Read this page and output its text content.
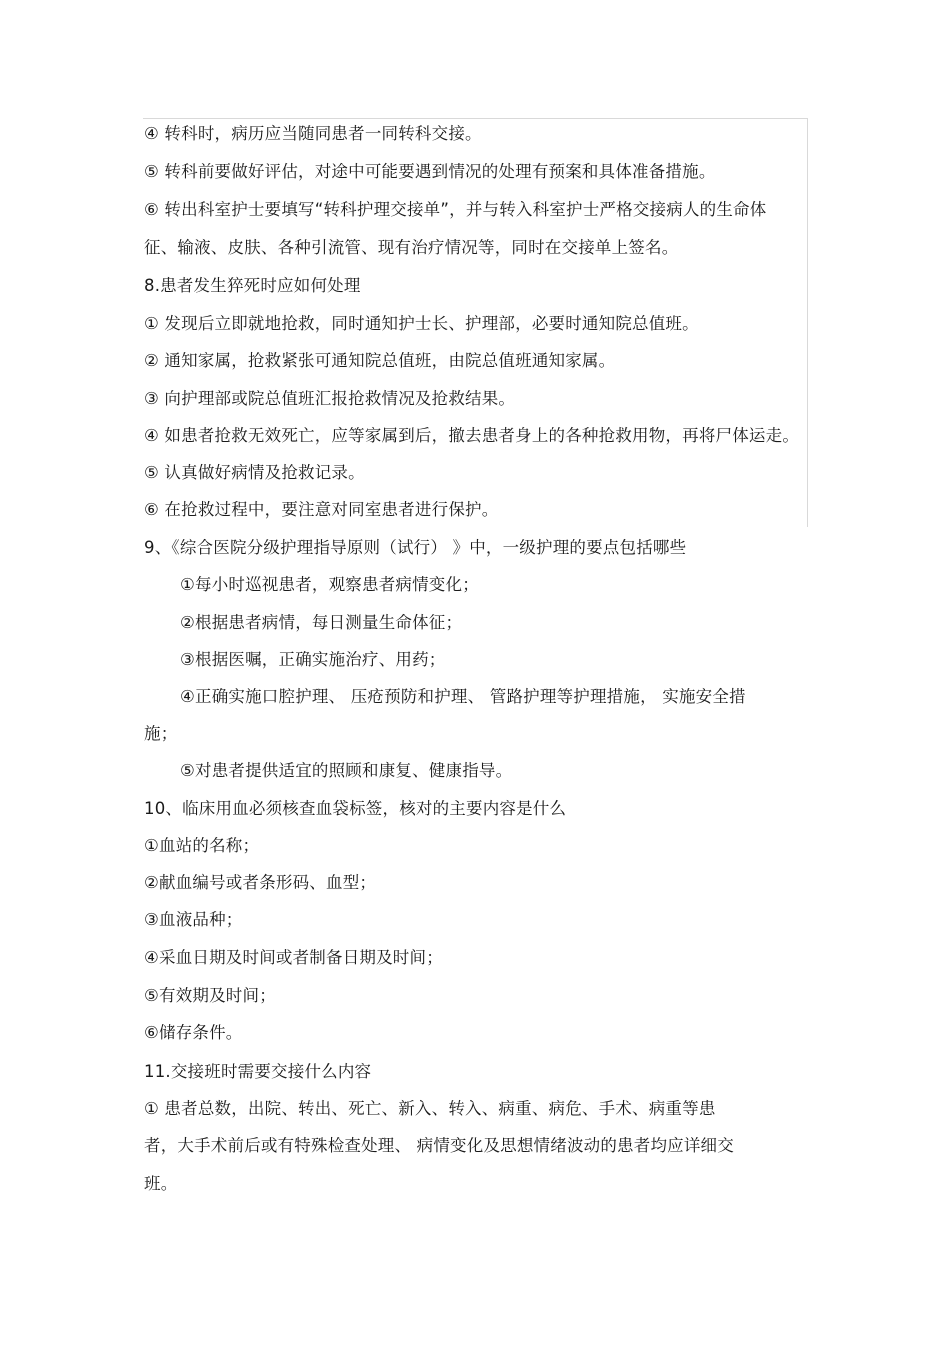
④ 转科时，病历应当随同患者一同转科交接。
⑤ 转科前要做好评估，对途中可能要遇到情况的处理有预案和具体准备措施。
⑥ 转出科室护士要填写“转科护理交接单”，并与转入科室护士严格交接病人的生命体
征、输液、皮肤、各种引流管、现有治疗情况等，同时在交接单上签名。
8.患者发生猝死时应如何处理
① 发现后立即就地抢救，同时通知护士长、护理部，必要时通知院总值班。
② 通知家属，抢救紧张可通知院总值班，由院总值班通知家属。
③ 向护理部或院总值班汇报抢救情况及抢救结果。
④ 如患者抢救无效死亡，应等家属到后，撤去患者身上的各种抢救用物，再将尸体运走。
⑤ 认真做好病情及抢救记录。
⑥ 在抢救过程中，要注意对同室患者进行保护。
9、《综合医院分级护理指导原则（试行） 》中，一级护理的要点包括哪些
①每小时巡视患者，观察患者病情变化；
②根据患者病情，每日测量生命体征；
③根据医嘱，正确实施治疗、用药；
④正确实施口腔护理、 压疮预防和护理、 管路护理等护理措施， 实施安全措
施；
⑤对患者提供适宜的照顾和康复、健康指导。
10、临床用血必须核查血袋标签，核对的主要内容是什么
①血站的名称；
②献血编号或者条形码、血型；
③血液品种；
④采血日期及时间或者制备日期及时间；
⑤有效期及时间；
⑥储存条件。
11.交接班时需要交接什么内容
① 患者总数，出院、转出、死亡、新入、转入、病重、病危、手术、病重等患
者，大手术前后或有特殊检查处理、 病情变化及思想情绪波动的患者均应详细交
班。
